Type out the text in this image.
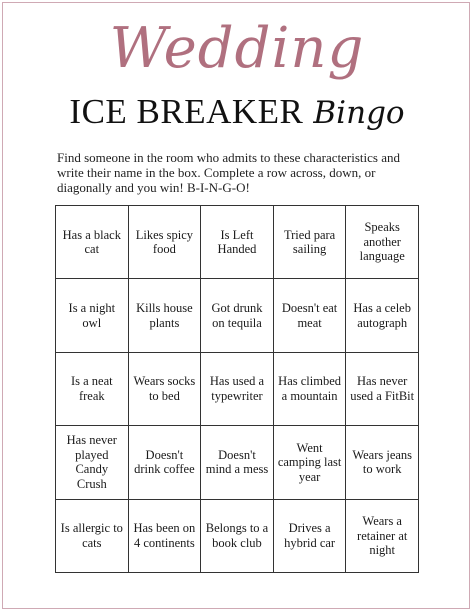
Wedding
ICE BREAKER Bingo
Find someone in the room who admits to these characteristics and write their name in the box. Complete a row across, down, or diagonally and you win! B-I-N-G-O!
Has a black cat
Likes spicy food
Is Left Handed
Tried para sailing
Speaks another language
Is a night owl
Kills house plants
Got drunk on tequila
Doesn't eat meat
Has a celeb autograph
Is a neat freak
Wears socks to bed
Has used a typewriter
Has climbed a mountain
Has never used a FitBit
Has never played Candy Crush
Doesn't drink coffee
Doesn't mind a mess
Went camping last year
Wears jeans to work
Is allergic to cats
Has been on 4 continents
Belongs to a book club
Drives a hybrid car
Wears a retainer at night
